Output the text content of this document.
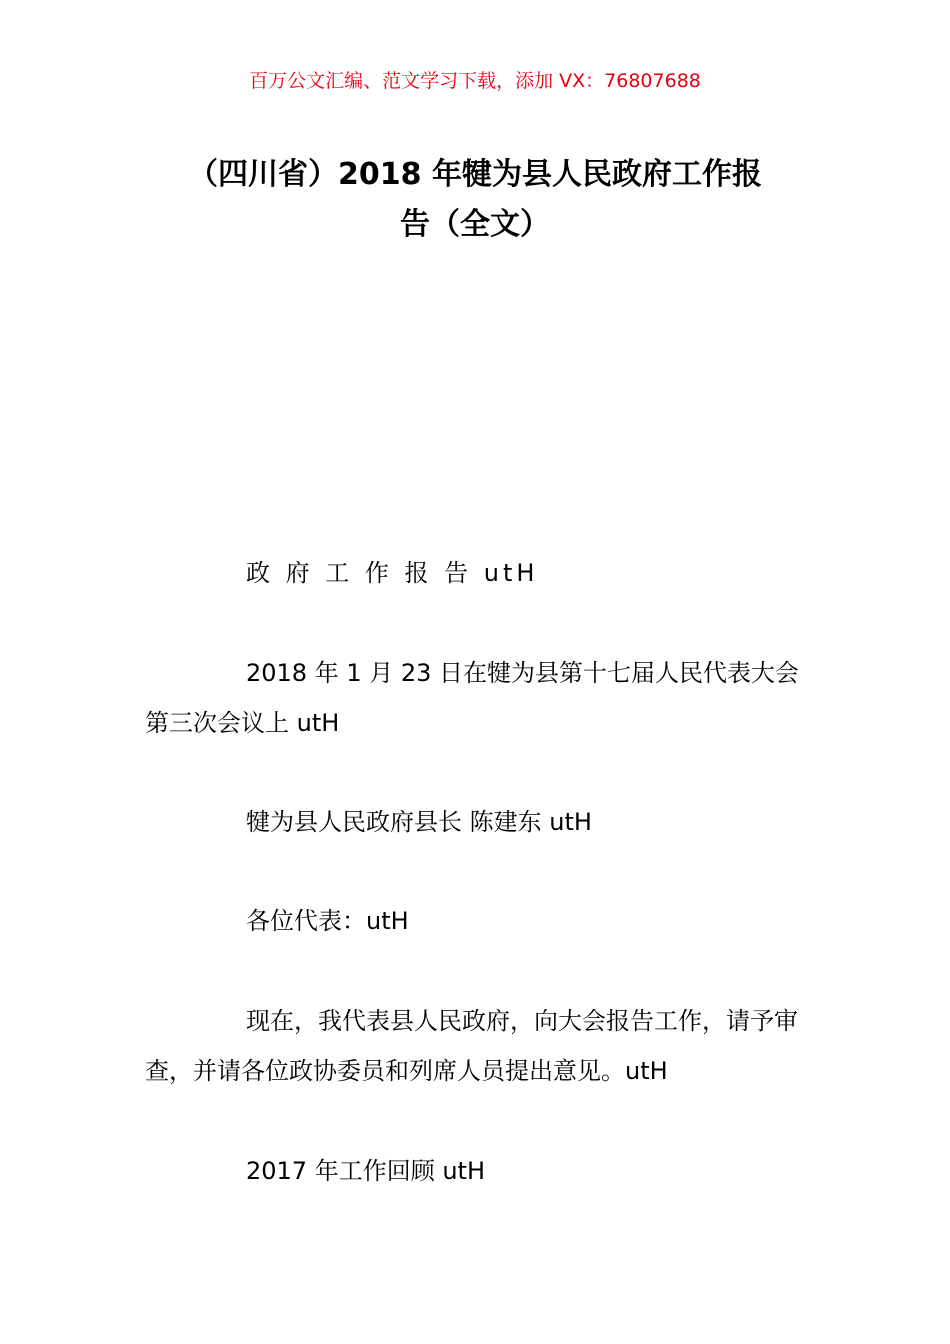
百万公文汇编、范文学习下载，添加 VX：76807688
（四川省）2018 年犍为县人民政府工作报
告（全文）
政 府 工 作 报 告 utH
2018 年 1 月 23 日在犍为县第十七届人民代表大会第三次会议上 utH
犍为县人民政府县长 陈建东 utH
各位代表：utH
现在，我代表县人民政府，向大会报告工作，请予审查，并请各位政协委员和列席人员提出意见。utH
2017 年工作回顾 utH
